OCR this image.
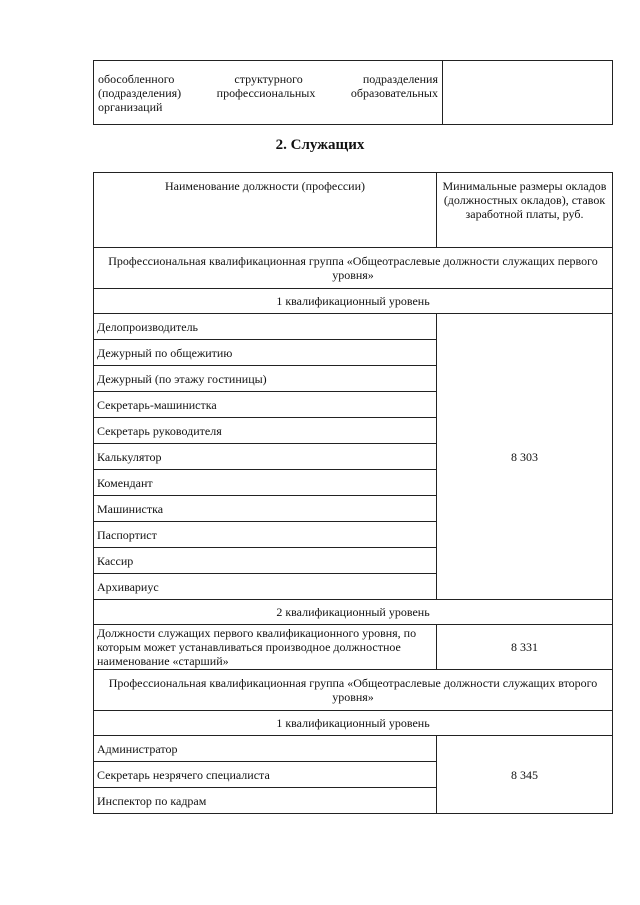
обособленного	структурного	подразделения
(подразделения)	профессиональных	образовательных
организаций

2. Служащих
Наименование должности (профессии)	Минимальные размеры окладов (должностных окладов), ставок заработной платы, руб.
Профессиональная квалификационная группа «Общеотраслевые должности служащих первого уровня»	
1 квалификационный уровень	
Делопроизводитель	8 303
Дежурный по общежитию	
Дежурный (по этажу гостиницы)	
Секретарь-машинистка	
Секретарь руководителя	
Калькулятор	
Комендант	
Машинистка	
Паспортист	
Кассир	
Архивариус	
2 квалификационный уровень	
Должности служащих первого квалификационного уровня, по которым может устанавливаться производное должностное наименование «старший»	8 331
Профессиональная квалификационная группа «Общеотраслевые должности служащих второго уровня»	
1 квалификационный уровень	
Администратор	8 345
Секретарь незрячего специалиста	
Инспектор по кадрам	
